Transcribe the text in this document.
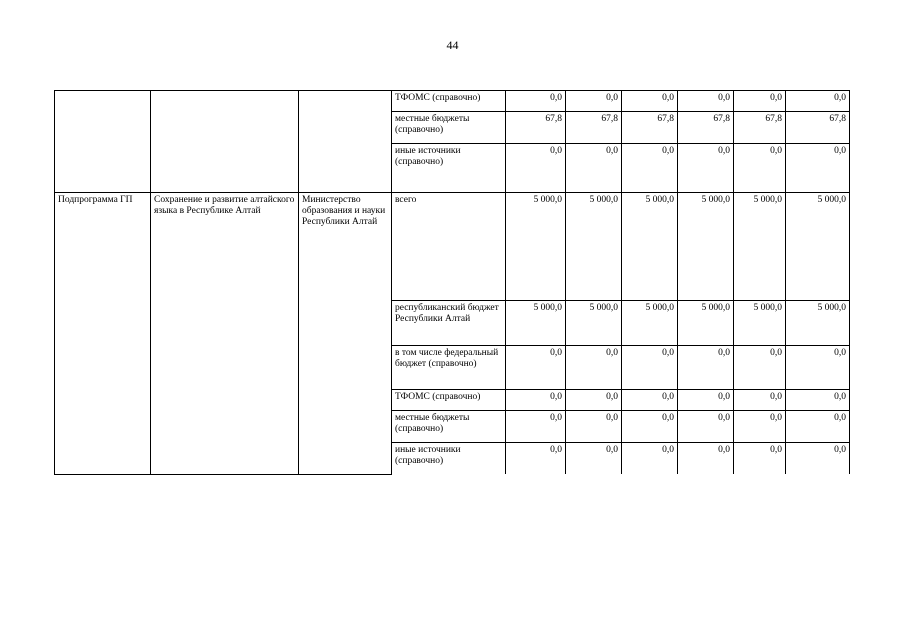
44
			ТФОМС (справочно)	0,0	0,0	0,0	0,0	0,0	0,0
			местные бюджеты (справочно)	67,8	67,8	67,8	67,8	67,8	67,8
			иные источники (справочно)	0,0	0,0	0,0	0,0	0,0	0,0
Подпрограмма ГП	Сохранение и развитие алтайского языка в Республике Алтай	Министерство образования и науки Республики Алтай	всего	5 000,0	5 000,0	5 000,0	5 000,0	5 000,0	5 000,0
			республиканский бюджет Республики Алтай	5 000,0	5 000,0	5 000,0	5 000,0	5 000,0	5 000,0
			в том числе федеральный бюджет (справочно)	0,0	0,0	0,0	0,0	0,0	0,0
			ТФОМС (справочно)	0,0	0,0	0,0	0,0	0,0	0,0
			местные бюджеты (справочно)	0,0	0,0	0,0	0,0	0,0	0,0
			иные источники (справочно)	0,0	0,0	0,0	0,0	0,0	0,0
